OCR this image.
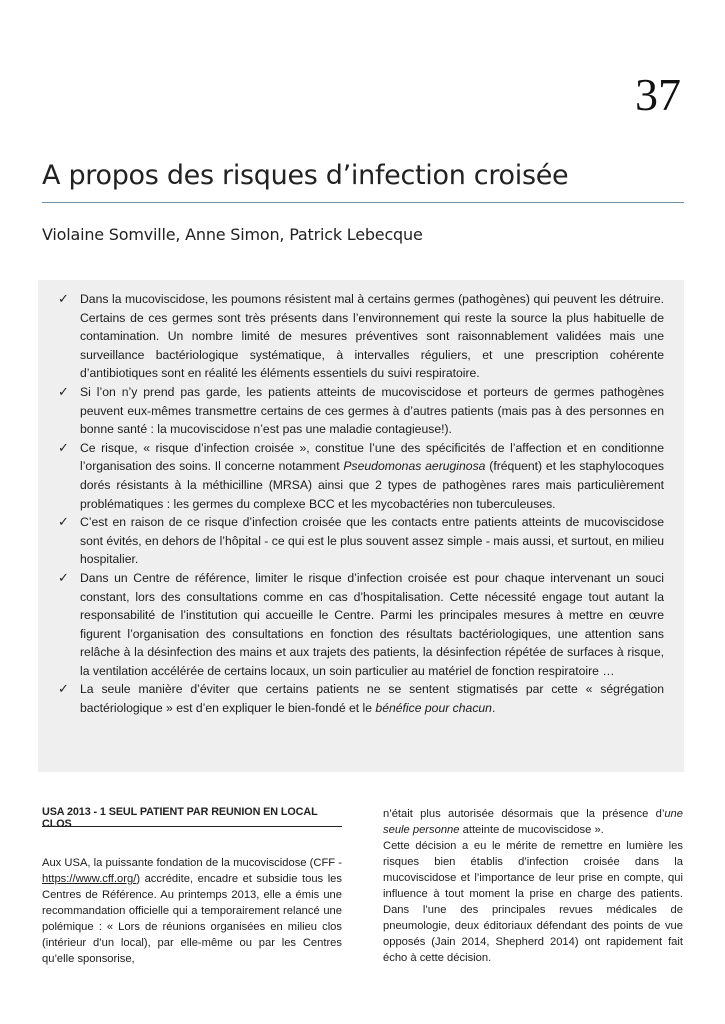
37
A propos des risques d’infection croisée
Violaine Somville, Anne Simon, Patrick Lebecque
✓ Dans la mucoviscidose, les poumons résistent mal à certains germes (pathogènes) qui peuvent les détruire. Certains de ces germes sont très présents dans l’environnement qui reste la source la plus habituelle de contamination. Un nombre limité de mesures préventives sont raisonnablement validées mais une surveillance bactériologique systématique, à intervalles réguliers, et une prescription cohérente d’antibiotiques sont en réalité les éléments essentiels du suivi respiratoire.
✓ Si l’on n’y prend pas garde, les patients atteints de mucoviscidose et porteurs de germes pathogènes peuvent eux-mêmes transmettre certains de ces germes à d’autres patients (mais pas à des personnes en bonne santé : la mucoviscidose n’est pas une maladie contagieuse!).
✓ Ce risque, « risque d’infection croisée », constitue l’une des spécificités de l’affection et en conditionne l’organisation des soins. Il concerne notamment Pseudomonas aeruginosa (fréquent) et les staphylocoques dorés résistants à la méthicilline (MRSA) ainsi que 2 types de pathogènes rares mais particulièrement problématiques : les germes du complexe BCC et les mycobactéries non tuberculeuses.
✓ C’est en raison de ce risque d’infection croisée que les contacts entre patients atteints de mucoviscidose sont évités, en dehors de l’hôpital - ce qui est le plus souvent assez simple - mais aussi, et surtout, en milieu hospitalier.
✓ Dans un Centre de référence, limiter le risque d’infection croisée est pour chaque intervenant un souci constant, lors des consultations comme en cas d’hospitalisation. Cette nécessité engage tout autant la responsabilité de l’institution qui accueille le Centre. Parmi les principales mesures à mettre en œuvre figurent l’organisation des consultations en fonction des résultats bactériologiques, une attention sans relâche à la désinfection des mains et aux trajets des patients, la désinfection répétée de surfaces à risque, la ventilation accélérée de certains locaux, un soin particulier au matériel de fonction respiratoire …
✓ La seule manière d’éviter que certains patients ne se sentent stigmatisés par cette « ségrégation bactériologique » est d’en expliquer le bien-fondé et le bénéfice pour chacun.
USA 2013 - 1 SEUL PATIENT PAR REUNION EN LOCAL CLOS

Aux USA, la puissante fondation de la mucoviscidose (CFF - https://www.cff.org/) accrédite, encadre et subsidie tous les Centres de Référence. Au printemps 2013, elle a émis une recommandation officielle qui a temporairement relancé une polémique : « Lors de réunions organisées en milieu clos (intérieur d’un local), par elle-même ou par les Centres qu’elle sponsorise,

n’était plus autorisée désormais que la présence d’une seule personne atteinte de mucoviscidose ».

Cette décision a eu le mérite de remettre en lumière les risques bien établis d’infection croisée dans la mucoviscidose et l’importance de leur prise en compte, qui influence à tout moment la prise en charge des patients. Dans l’une des principales revues médicales de pneumologie, deux éditoriaux défendant des points de vue opposés (Jain 2014, Shepherd 2014) ont rapidement fait écho à cette décision.
